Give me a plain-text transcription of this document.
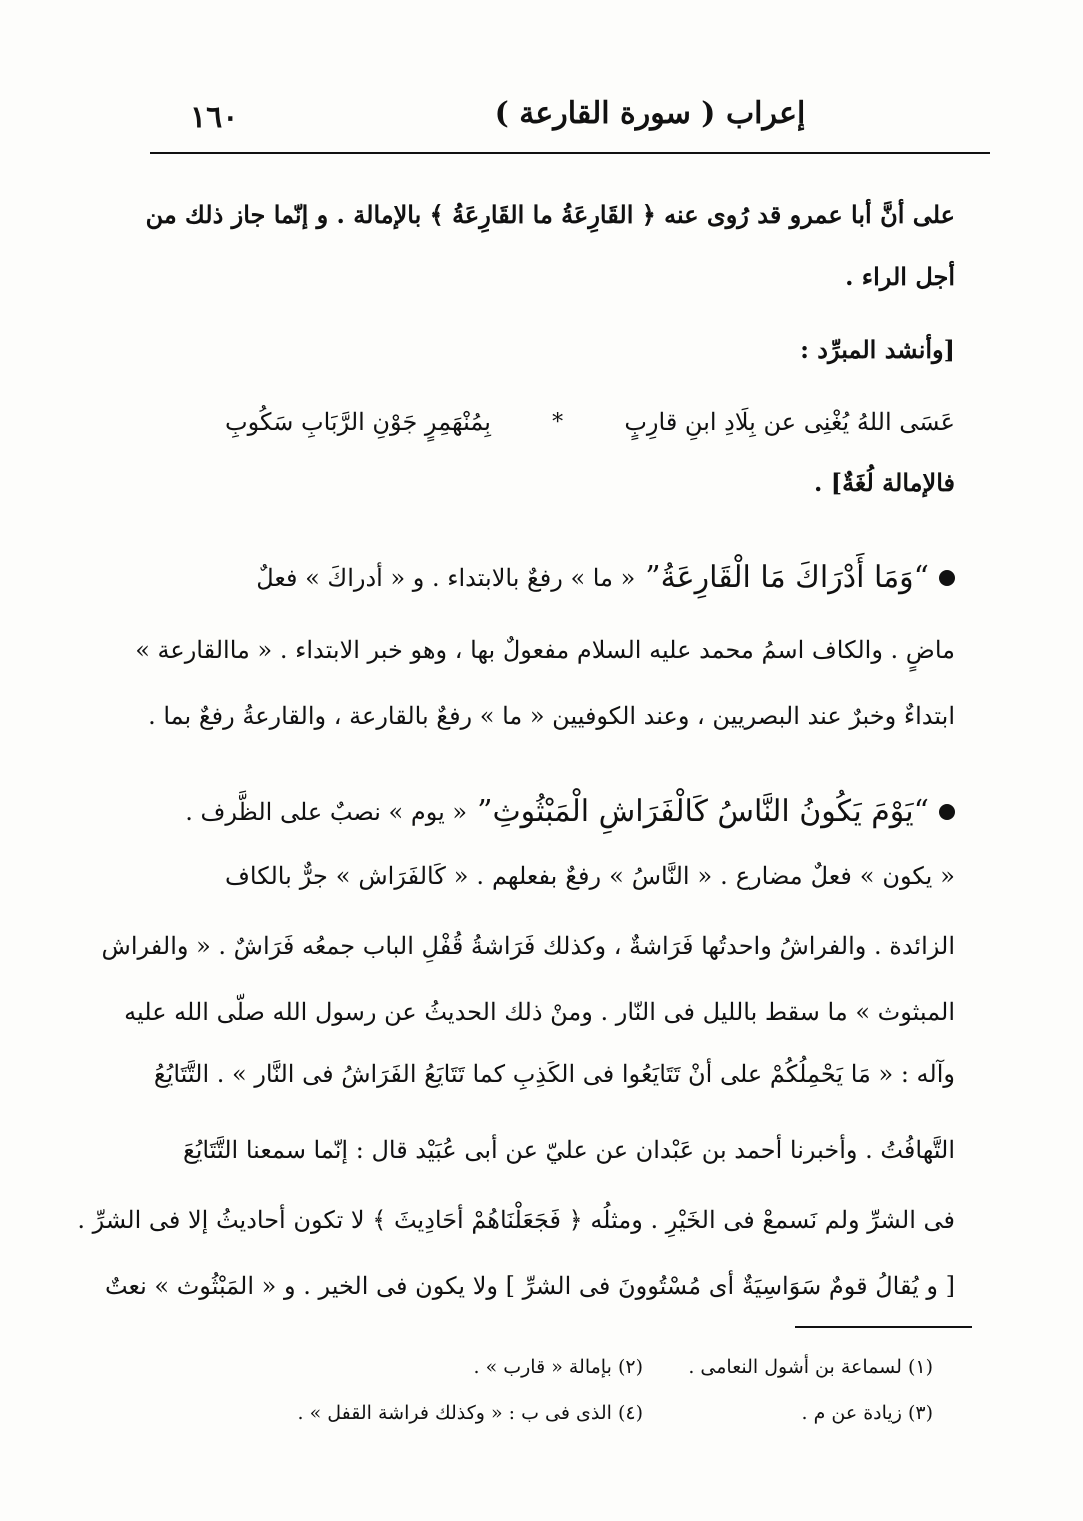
إعراب ( سورة القارعة )
١٦٠
على أنَّ أبا عمرو قد رُوى عنه ﴿ القَارِعَةُ ما القَارِعَةُ ﴾ بالإمالة . و إنّما جاز ذلك من
أجل الراء .
[وأنشد المبرِّد :
عَسَى اللهُ يُغْنِى عن بِلَادِ ابنِ قارِبٍ
*
بِمُنْهَمِرٍ جَوْنِ الرَّبَابِ سَكُوبِ
فالإمالة لُغَةٌ] .
“وَمَا أَدْرَاكَ مَا الْقَارِعَةُ”
« ما » رفعٌ بالابتداء . و « أدراكَ » فعلٌ
ماضٍ . والكاف اسمُ محمد عليه السلام مفعولٌ بها ، وهو خبر الابتداء . « ماالقارعة »
ابتداءٌ وخبرٌ عند البصريين ، وعند الكوفيين « ما » رفعٌ بالقارعة ، والقارعةُ رفعٌ بما .
“يَوْمَ يَكُونُ النَّاسُ كَالْفَرَاشِ الْمَبْثُوثِ”
« يوم » نصبٌ على الظَّرف .
« يكون » فعلٌ مضارع . « النَّاسُ » رفعٌ بفعلهم . « كَالفَرَاش » جرٌّ بالكاف
الزائدة . والفراشُ واحدتُها فَرَاشةٌ ، وكذلك فَرَاشةُ قُفْلِ الباب جمعُه فَرَاشٌ . « والفراش
المبثوث » ما سقط بالليل فى النّار . ومنْ ذلك الحديثُ عن رسول الله صلّى الله عليه
وآله : « مَا يَحْمِلُكُمْ على أنْ تَتَايَعُوا فى الكَذِبِ كما تَتَايَعُ الفَرَاشُ فى النَّار » . التَّتَايُعُ
التَّهافُتُ . وأخبرنا أحمد بن عَبْدان عن عليّ عن أبى عُبَيْد قال : إنّما سمعنا التَّتَايُعَ
فى الشرِّ ولم نَسمعْ فى الخَيْرِ . ومثلُه ﴿ فَجَعَلْنَاهُمْ أحَادِيثَ ﴾ لا تكون أحاديثُ إلا فى الشرِّ .
[ و يُقالُ قومٌ سَوَاسِيَةٌ أى مُسْتُوونَ فى الشرِّ ] ولا يكون فى الخير . و « المَبْثُوث » نعتٌ
(١) لسماعة بن أشول النعامى .
(٢) بإمالة « قارب » .
(٣) زيادة عن م .
(٤) الذى فى ب : « وكذلك فراشة القفل » .
